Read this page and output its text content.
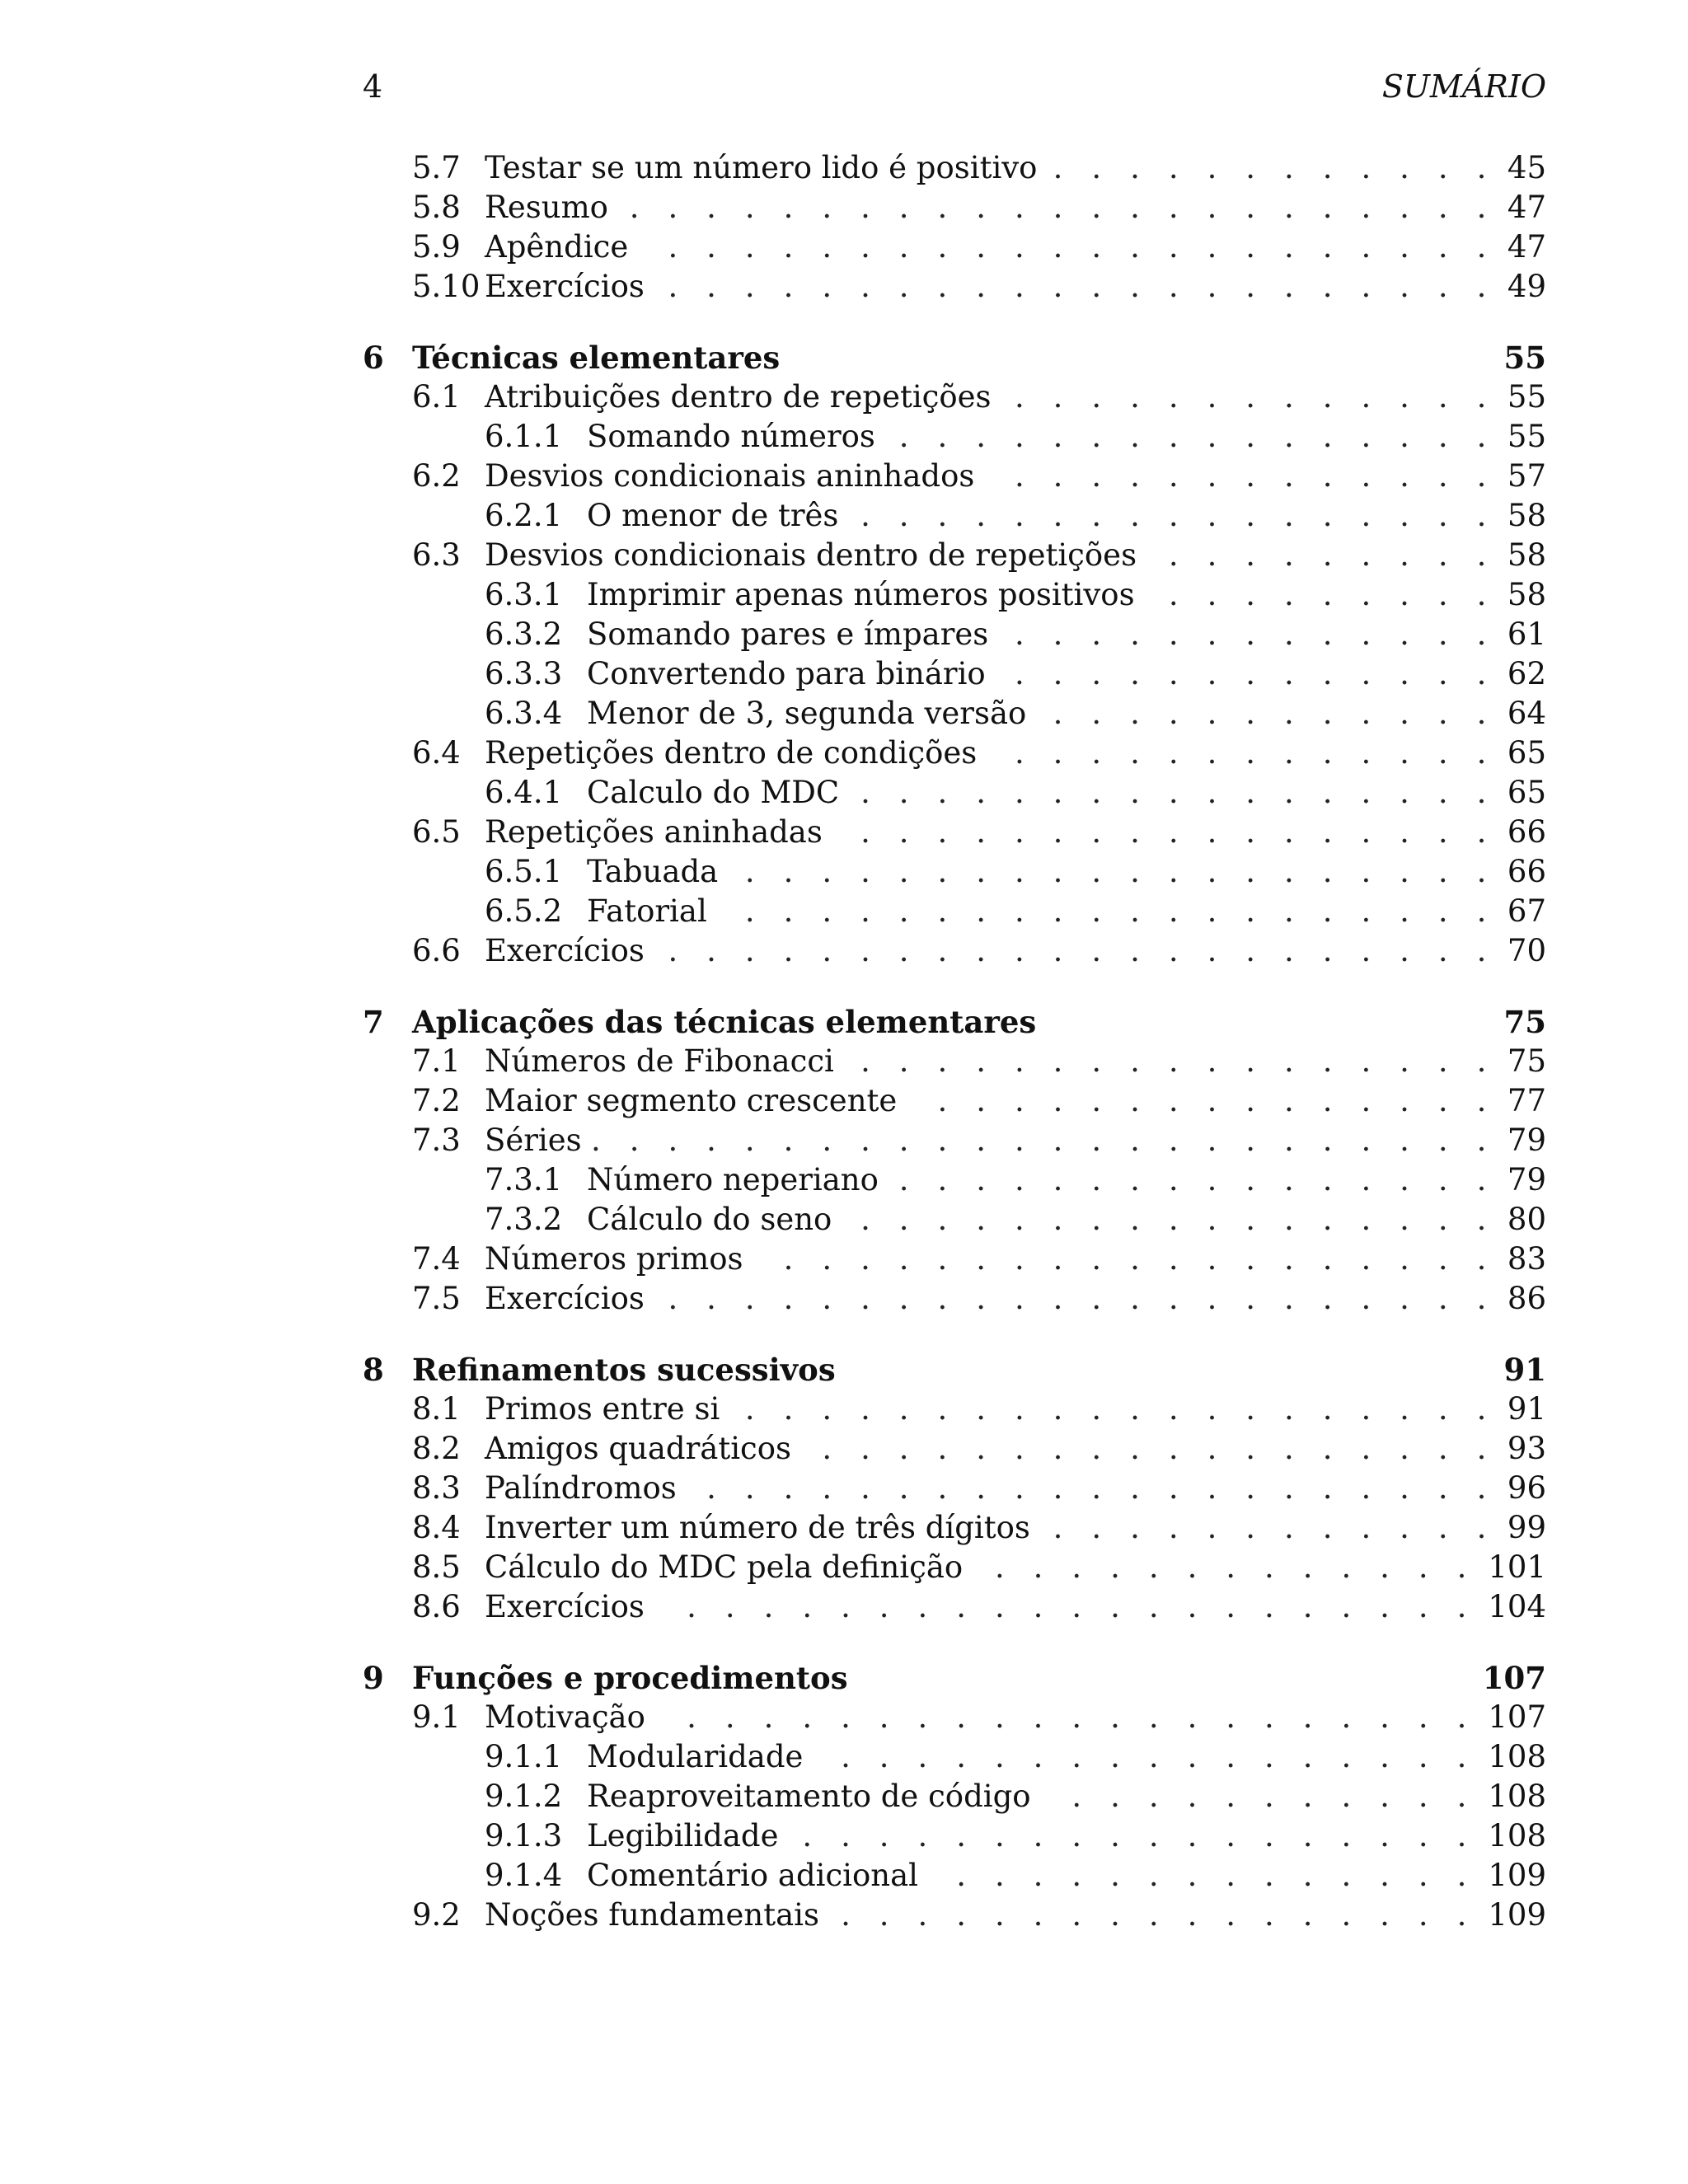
4	SUMÁRIO
5.7 Testar se um número lido é positivo . . .	45
5.8 Resumo . . .	47
5.9 Apêndice . . .	47
5.10 Exercícios . . .	49
6 Técnicas elementares	55
6.1 Atribuições dentro de repetições . . .	55
6.1.1 Somando números . . .	55
6.2 Desvios condicionais aninhados . . .	57
6.2.1 O menor de três . . .	58
6.3 Desvios condicionais dentro de repetições . . .	58
6.3.1 Imprimir apenas números positivos . . .	58
6.3.2 Somando pares e ímpares . . .	61
6.3.3 Convertendo para binário . . .	62
6.3.4 Menor de 3, segunda versão . . .	64
6.4 Repetições dentro de condições . . .	65
6.4.1 Calculo do MDC . . .	65
6.5 Repetições aninhadas . . .	66
6.5.1 Tabuada . . .	66
6.5.2 Fatorial . . .	67
6.6 Exercícios . . .	70
7 Aplicações das técnicas elementares	75
7.1 Números de Fibonacci . . .	75
7.2 Maior segmento crescente . . .	77
7.3 Séries . . .	79
7.3.1 Número neperiano . . .	79
7.3.2 Cálculo do seno . . .	80
7.4 Números primos . . .	83
7.5 Exercícios . . .	86
8 Refinamentos sucessivos	91
8.1 Primos entre si . . .	91
8.2 Amigos quadráticos . . .	93
8.3 Palíndromos . . .	96
8.4 Inverter um número de três dígitos . . .	99
8.5 Cálculo do MDC pela definição . . .	101
8.6 Exercícios . . .	104
9 Funções e procedimentos	107
9.1 Motivação . . .	107
9.1.1 Modularidade . . .	108
9.1.2 Reaproveitamento de código . . .	108
9.1.3 Legibilidade . . .	108
9.1.4 Comentário adicional . . .	109
9.2 Noções fundamentais . . .	109
